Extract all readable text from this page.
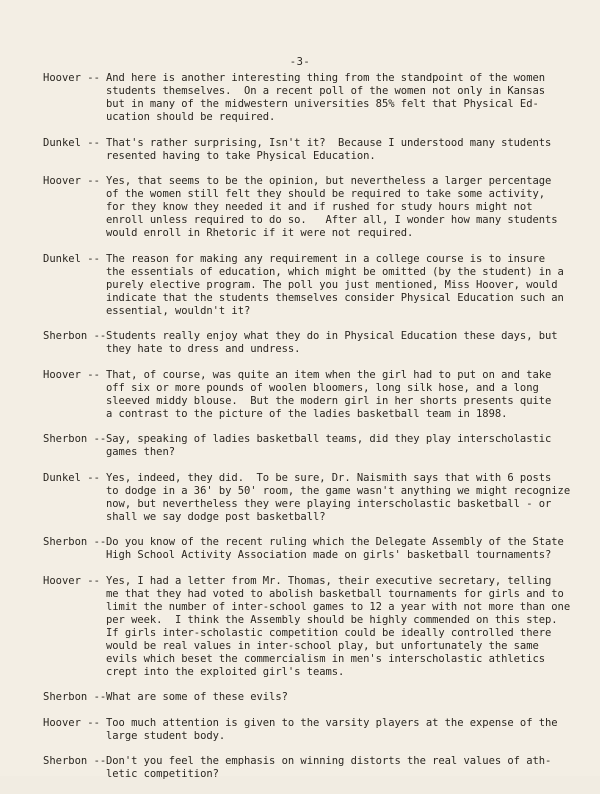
-3-
Hoover -- And here is another interesting thing from the standpoint of the women
students themselves.  On a recent poll of the women not only in Kansas
but in many of the midwestern universities 85% felt that Physical Ed-
ucation should be required.
Dunkel -- That's rather surprising, Isn't it?  Because I understood many students
resented having to take Physical Education.
Hoover -- Yes, that seems to be the opinion, but nevertheless a larger percentage
of the women still felt they should be required to take some activity,
for they know they needed it and if rushed for study hours might not
enroll unless required to do so.   After all, I wonder how many students
would enroll in Rhetoric if it were not required.
Dunkel -- The reason for making any requirement in a college course is to insure
the essentials of education, which might be omitted (by the student) in a
purely elective program. The poll you just mentioned, Miss Hoover, would
indicate that the students themselves consider Physical Education such an
essential, wouldn't it?
Sherbon -- Students really enjoy what they do in Physical Education these days, but
they hate to dress and undress.
Hoover -- That, of course, was quite an item when the girl had to put on and take
off six or more pounds of woolen bloomers, long silk hose, and a long
sleeved middy blouse.  But the modern girl in her shorts presents quite
a contrast to the picture of the ladies basketball team in 1898.
Sherbon -- Say, speaking of ladies basketball teams, did they play interscholastic
games then?
Dunkel -- Yes, indeed, they did.  To be sure, Dr. Naismith says that with 6 posts
to dodge in a 36' by 50' room, the game wasn't anything we might recognize
now, but nevertheless they were playing interscholastic basketball - or
shall we say dodge post basketball?
Sherbon -- Do you know of the recent ruling which the Delegate Assembly of the State
High School Activity Association made on girls' basketball tournaments?
Hoover -- Yes, I had a letter from Mr. Thomas, their executive secretary, telling
me that they had voted to abolish basketball tournaments for girls and to
limit the number of inter-school games to 12 a year with not more than one
per week.  I think the Assembly should be highly commended on this step.
If girls inter-scholastic competition could be ideally controlled there
would be real values in inter-school play, but unfortunately the same
evils which beset the commercialism in men's interscholastic athletics
crept into the exploited girl's teams.
Sherbon -- What are some of these evils?
Hoover -- Too much attention is given to the varsity players at the expense of the
large student body.
Sherbon -- Don't you feel the emphasis on winning distorts the real values of ath-
letic competition?
